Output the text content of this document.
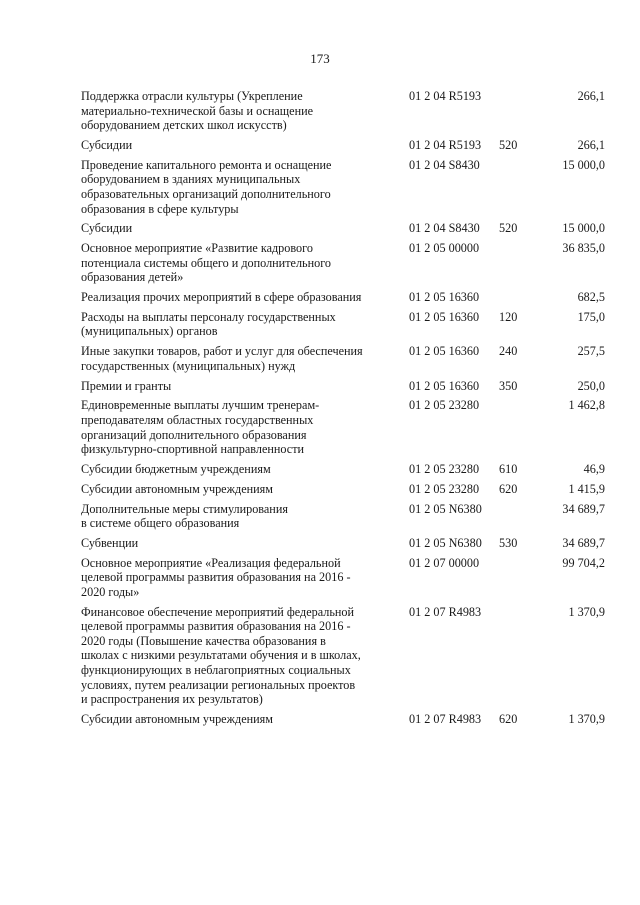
173
Поддержка отрасли культуры (Укрепление
материально-технической базы и оснащение
оборудованием детских школ искусств)
01 2 04 R5193	266,1
Субсидии	01 2 04 R5193 520	266,1
Проведение капитального ремонта и оснащение
оборудованием в зданиях муниципальных
образовательных организаций дополнительного
образования в сфере культуры
01 2 04 S8430	15 000,0
Субсидии	01 2 04 S8430 520	15 000,0
Основное мероприятие «Развитие кадрового
потенциала системы общего и дополнительного
образования детей»
01 2 05 00000	36 835,0
Реализация прочих мероприятий в сфере образования	01 2 05 16360	682,5
Расходы на выплаты персоналу государственных
(муниципальных) органов
01 2 05 16360 120	175,0
Иные закупки товаров, работ и услуг для обеспечения
государственных (муниципальных) нужд
01 2 05 16360 240	257,5
Премии и гранты	01 2 05 16360 350	250,0
Единовременные выплаты лучшим тренерам-
преподавателям областных государственных
организаций дополнительного образования
физкультурно-спортивной направленности
01 2 05 23280	1 462,8
Субсидии бюджетным учреждениям	01 2 05 23280 610	46,9
Субсидии автономным учреждениям	01 2 05 23280 620	1 415,9
Дополнительные меры стимулирования
в системе общего образования
01 2 05 N6380	34 689,7
Субвенции	01 2 05 N6380 530	34 689,7
Основное мероприятие «Реализация федеральной
целевой программы развития образования на 2016 -
2020 годы»
01 2 07 00000	99 704,2
Финансовое обеспечение мероприятий федеральной
целевой программы развития образования на 2016 -
2020 годы (Повышение качества образования в
школах с низкими результатами обучения и в школах,
функционирующих в неблагоприятных социальных
условиях, путем реализации региональных проектов
и распространения их результатов)
01 2 07 R4983	1 370,9
Субсидии автономным учреждениям	01 2 07 R4983 620	1 370,9
